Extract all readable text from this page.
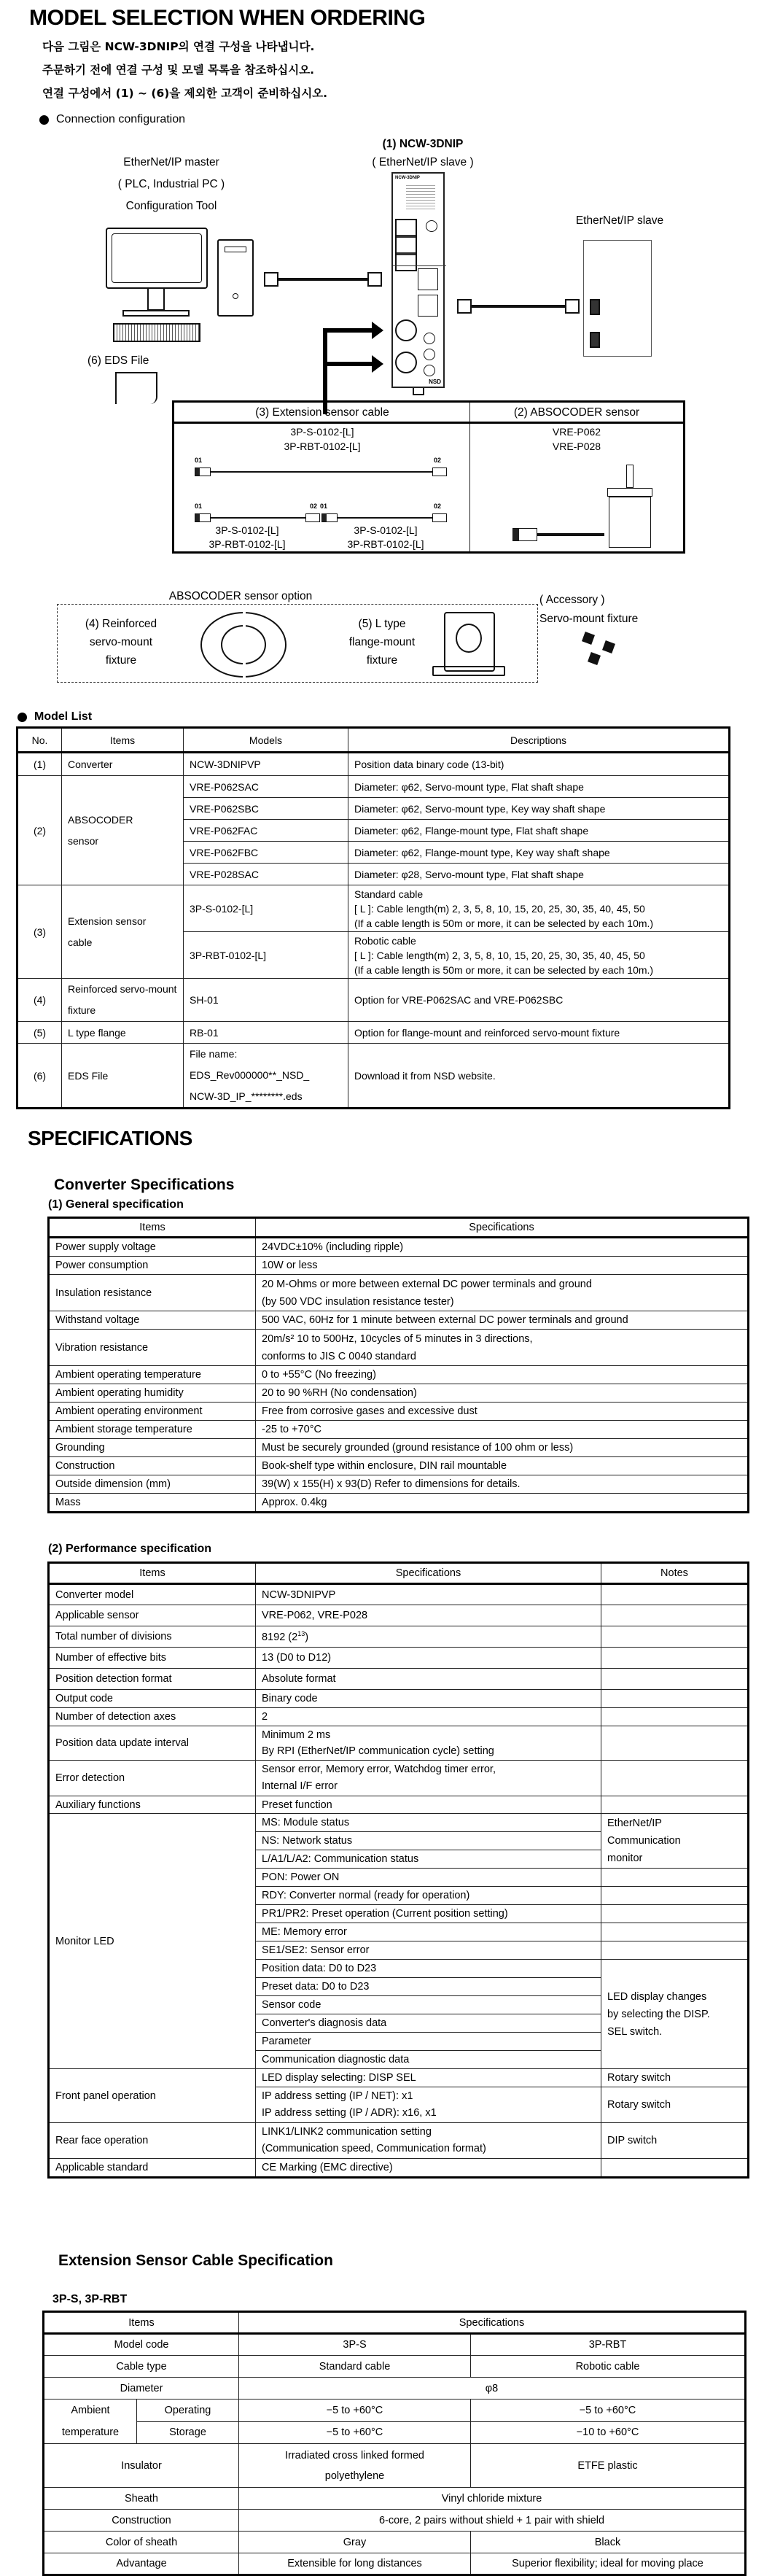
MODEL SELECTION WHEN ORDERING
다음 그림은 NCW-3DNIP의 연결 구성을 나타냅니다.
주문하기 전에 연결 구성 및 모델 목록을 참조하십시오.
연결 구성에서 (1) ~ (6)을 제외한 고객이 준비하십시오.
Connection configuration
(1) NCW-3DNIP
( EtherNet/IP slave )
EtherNet/IP master
( PLC, Industrial PC )
Configuration Tool
(6) EDS File
NCW-3DNIP
NSD
EtherNet/IP slave
(3) Extension sensor cable	(2) ABSOCODER sensor
3P-S-0102-[L]
3P-RBT-0102-[L]
VRE-P062
VRE-P028
01	02
01	02 01	02
3P-S-0102-[L]
3P-RBT-0102-[L]
3P-S-0102-[L]
3P-RBT-0102-[L]
ABSOCODER sensor option
(4) Reinforced
servo-mount
fixture
(5) L type
flange-mount
fixture
( Accessory )
Servo-mount fixture
Model List
No.	Items	Models	Descriptions
(1)	Converter	NCW-3DNIPVP	Position data binary code (13-bit)
(2)	ABSOCODER sensor	VRE-P062SAC	Diameter: φ62, Servo-mount type, Flat shaft shape
		VRE-P062SBC	Diameter: φ62, Servo-mount type, Key way shaft shape
		VRE-P062FAC	Diameter: φ62, Flange-mount type, Flat shaft shape
		VRE-P062FBC	Diameter: φ62, Flange-mount type, Key way shaft shape
		VRE-P028SAC	Diameter: φ28, Servo-mount type, Flat shaft shape
(3)	Extension sensor cable	3P-S-0102-[L]	Standard cable
[ L ]: Cable length(m) 2, 3, 5, 8, 10, 15, 20, 25, 30, 35, 40, 45, 50
(If a cable length is 50m or more, it can be selected by each 10m.)

		3P-RBT-0102-[L]	Robotic cable
[ L ]: Cable length(m) 2, 3, 5, 8, 10, 15, 20, 25, 30, 35, 40, 45, 50
(If a cable length is 50m or more, it can be selected by each 10m.)

(4)	Reinforced servo-mount fixture	SH-01	Option for VRE-P062SAC and VRE-P062SBC
(5)	L type flange	RB-01	Option for flange-mount and reinforced servo-mount fixture
(6)	EDS File	File name:
EDS_Rev000000**_NSD_
NCW-3D_IP_********.eds	Download it from NSD website.
SPECIFICATIONS
Converter Specifications
(1) General specification
Items	Specifications
Power supply voltage	24VDC±10% (including ripple)

Power consumption	10W or less

Insulation resistance	20 M-Ohms or more between external DC power terminals and ground
(by 500 VDC insulation resistance tester)

Withstand voltage	500 VAC, 60Hz for 1 minute between external DC power terminals and ground

Vibration resistance	20m/s² 10 to 500Hz, 10cycles of 5 minutes in 3 directions,
conforms to JIS C 0040 standard

Ambient operating temperature	0 to +55°C (No freezing)

Ambient operating humidity	20 to 90 %RH (No condensation)

Ambient operating environment	Free from corrosive gases and excessive dust

Ambient storage temperature	-25 to +70°C

Grounding	Must be securely grounded (ground resistance of 100 ohm or less)

Construction	Book-shelf type within enclosure, DIN rail mountable

Outside dimension (mm)	39(W) x 155(H) x 93(D) Refer to dimensions for details.

Mass	Approx. 0.4kg
(2) Performance specification
Items	Specifications	Notes
Converter model	NCW-3DNIPVP	
Applicable sensor	VRE-P062, VRE-P028	
Total number of divisions	8192 $(2^{13})$	
Number of effective bits	13 (D0 to D12)	
Position detection format	Absolute format	
Output code	Binary code	
Number of detection axes	2	
Position data update interval	Minimum 2 ms
By RPI (EtherNet/IP communication cycle) setting	

Error detection	Sensor error, Memory error, Watchdog timer error,
Internal I/F error	

Auxiliary functions	Preset function	
Monitor LED	MS: Module status	EtherNet/IP
Communication
monitor

	NS: Network status	
	L/A1/L/A2: Communication status	
	PON: Power ON	
	RDY: Converter normal (ready for operation)	
	PR1/PR2: Preset operation (Current position setting)	
	ME: Memory error	
	SE1/SE2: Sensor error	
	Position data: D0 to D23	LED display changes
by selecting the DISP.
SEL switch.

	Preset data: D0 to D23	
	Sensor code	
	Converter's diagnosis data	
	Parameter	
	Communication diagnostic data	
Front panel operation	LED display selecting: DISP SEL	Rotary switch

	IP address setting (IP / NET): x1
IP address setting (IP / ADR): x16, x1	Rotary switch
Rear face operation	LINK1/LINK2 communication setting
(Communication speed, Communication format)	DIP switch
Applicable standard	CE Marking (EMC directive)	
Extension Sensor Cable Specification
3P-S, 3P-RBT
Items		Specifications	
Model code		3P-S	3P-RBT
Cable type		Standard cable	Robotic cable
Diameter		φ8	

Ambient
temperature	Operating	−5 to +60°C	−5 to +60°C
	Storage	−5 to +60°C	−10 to +60°C
Insulator		Irradiated cross linked formed
polyethylene	ETFE plastic
Sheath		Vinyl chloride mixture	
Construction		6-core, 2 pairs without shield + 1 pair with shield	
Color of sheath		Gray	Black
Advantage		Extensible for long distances	Superior flexibility; ideal for moving place
